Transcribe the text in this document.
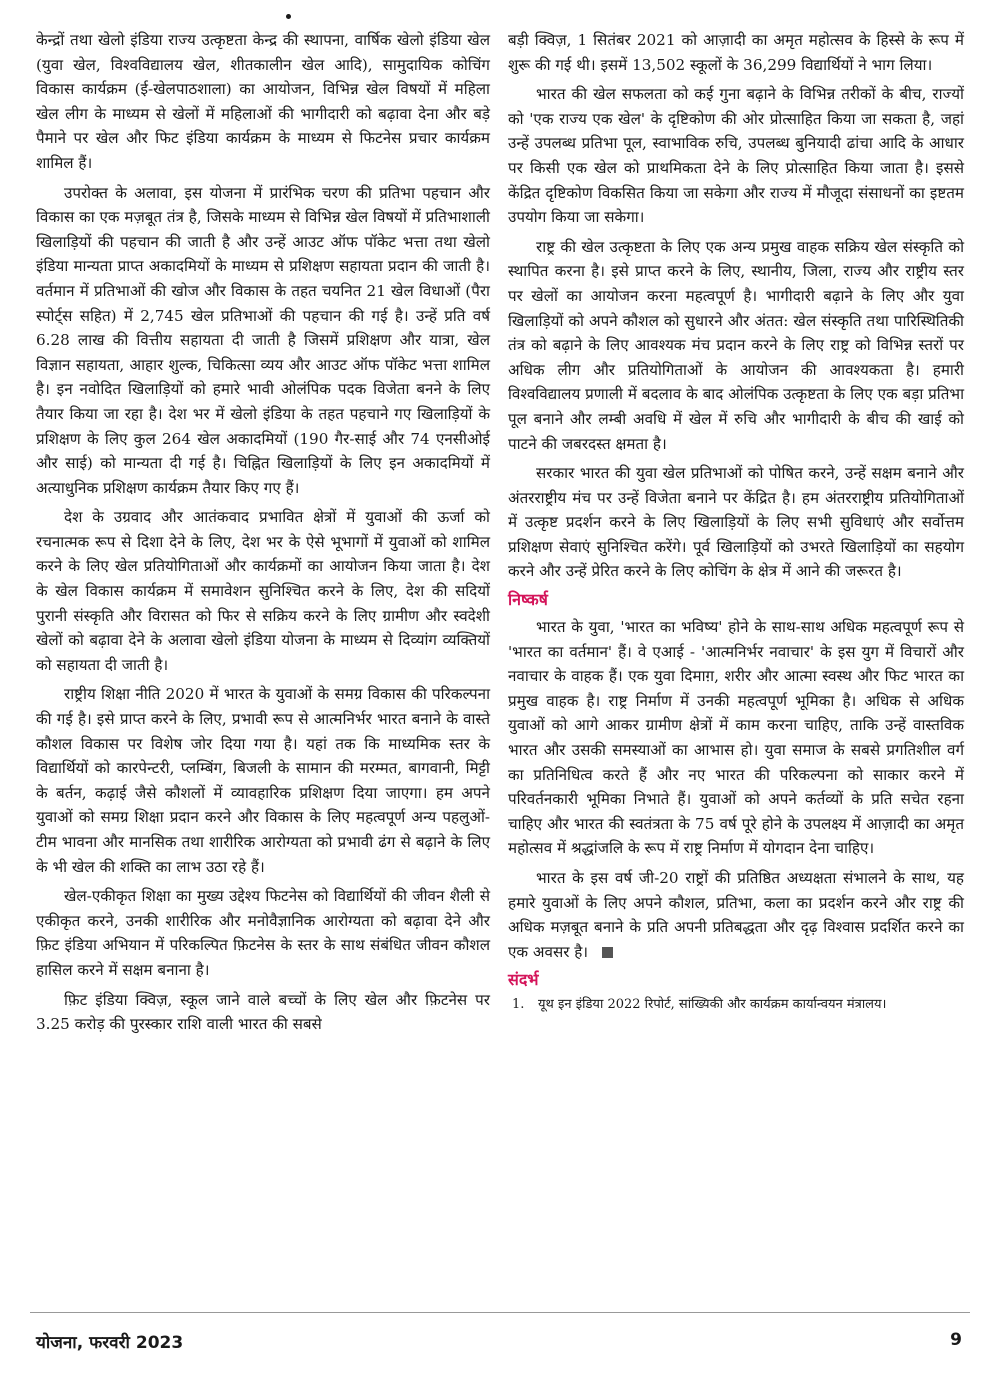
केन्द्रों तथा खेलो इंडिया राज्य उत्कृष्टता केन्द्र की स्थापना, वार्षिक खेलो इंडिया खेल (युवा खेल, विश्वविद्यालय खेल, शीतकालीन खेल आदि), सामुदायिक कोचिंग विकास कार्यक्रम (ई-खेलपाठशाला) का आयोजन, विभिन्न खेल विषयों में महिला खेल लीग के माध्यम से खेलों में महिलाओं की भागीदारी को बढ़ावा देना और बड़े पैमाने पर खेल और फिट इंडिया कार्यक्रम के माध्यम से फिटनेस प्रचार कार्यक्रम शामिल हैं।

उपरोक्त के अलावा, इस योजना में प्रारंभिक चरण की प्रतिभा पहचान और विकास का एक मज़बूत तंत्र है, जिसके माध्यम से विभिन्न खेल विषयों में प्रतिभाशाली खिलाड़ियों की पहचान की जाती है और उन्हें आउट ऑफ पॉकेट भत्ता तथा खेलो इंडिया मान्यता प्राप्त अकादमियों के माध्यम से प्रशिक्षण सहायता प्रदान की जाती है। वर्तमान में प्रतिभाओं की खोज और विकास के तहत चयनित 21 खेल विधाओं (पैरा स्पोर्ट्स सहित) में 2,745 खेल प्रतिभाओं की पहचान की गई है। उन्हें प्रति वर्ष 6.28 लाख की वित्तीय सहायता दी जाती है जिसमें प्रशिक्षण और यात्रा, खेल विज्ञान सहायता, आहार शुल्क, चिकित्सा व्यय और आउट ऑफ पॉकेट भत्ता शामिल है। इन नवोदित खिलाड़ियों को हमारे भावी ओलंपिक पदक विजेता बनने के लिए तैयार किया जा रहा है। देश भर में खेलो इंडिया के तहत पहचाने गए खिलाड़ियों के प्रशिक्षण के लिए कुल 264 खेल अकादमियों (190 गैर-साई और 74 एनसीओई और साई) को मान्यता दी गई है। चिह्नित खिलाड़ियों के लिए इन अकादमियों में अत्याधुनिक प्रशिक्षण कार्यक्रम तैयार किए गए हैं।

देश के उग्रवाद और आतंकवाद प्रभावित क्षेत्रों में युवाओं की ऊर्जा को रचनात्मक रूप से दिशा देने के लिए, देश भर के ऐसे भूभागों में युवाओं को शामिल करने के लिए खेल प्रतियोगिताओं और कार्यक्रमों का आयोजन किया जाता है। देश के खेल विकास कार्यक्रम में समावेशन सुनिश्चित करने के लिए, देश की सदियों पुरानी संस्कृति और विरासत को फिर से सक्रिय करने के लिए ग्रामीण और स्वदेशी खेलों को बढ़ावा देने के अलावा खेलो इंडिया योजना के माध्यम से दिव्यांग व्यक्तियों को सहायता दी जाती है।

राष्ट्रीय शिक्षा नीति 2020 में भारत के युवाओं के समग्र विकास की परिकल्पना की गई है। इसे प्राप्त करने के लिए, प्रभावी रूप से आत्मनिर्भर भारत बनाने के वास्ते कौशल विकास पर विशेष जोर दिया गया है। यहां तक कि माध्यमिक स्तर के विद्यार्थियों को कारपेन्टरी, प्लम्बिंग, बिजली के सामान की मरम्मत, बागवानी, मिट्टी के बर्तन, कढ़ाई जैसे कौशलों में व्यावहारिक प्रशिक्षण दिया जाएगा। हम अपने युवाओं को समग्र शिक्षा प्रदान करने और विकास के लिए महत्वपूर्ण अन्य पहलुओं- टीम भावना और मानसिक तथा शारीरिक आरोग्यता को प्रभावी ढंग से बढ़ाने के लिए के भी खेल की शक्ति का लाभ उठा रहे हैं।

खेल-एकीकृत शिक्षा का मुख्य उद्देश्य फिटनेस को विद्यार्थियों की जीवन शैली से एकीकृत करने, उनकी शारीरिक और मनोवैज्ञानिक आरोग्यता को बढ़ावा देने और फ़िट इंडिया अभियान में परिकल्पित फ़िटनेस के स्तर के साथ संबंधित जीवन कौशल हासिल करने में सक्षम बनाना है।

फ़िट इंडिया क्विज़, स्कूल जाने वाले बच्चों के लिए खेल और फ़िटनेस पर 3.25 करोड़ की पुरस्कार राशि वाली भारत की सबसे

बड़ी क्विज़, 1 सितंबर 2021 को आज़ादी का अमृत महोत्सव के हिस्से के रूप में शुरू की गई थी। इसमें 13,502 स्कूलों के 36,299 विद्यार्थियों ने भाग लिया।

भारत की खेल सफलता को कई गुना बढ़ाने के विभिन्न तरीकों के बीच, राज्यों को 'एक राज्य एक खेल' के दृष्टिकोण की ओर प्रोत्साहित किया जा सकता है, जहां उन्हें उपलब्ध प्रतिभा पूल, स्वाभाविक रुचि, उपलब्ध बुनियादी ढांचा आदि के आधार पर किसी एक खेल को प्राथमिकता देने के लिए प्रोत्साहित किया जाता है। इससे केंद्रित दृष्टिकोण विकसित किया जा सकेगा और राज्य में मौजूदा संसाधनों का इष्टतम उपयोग किया जा सकेगा।

राष्ट्र की खेल उत्कृष्टता के लिए एक अन्य प्रमुख वाहक सक्रिय खेल संस्कृति को स्थापित करना है। इसे प्राप्त करने के लिए, स्थानीय, जिला, राज्य और राष्ट्रीय स्तर पर खेलों का आयोजन करना महत्वपूर्ण है। भागीदारी बढ़ाने के लिए और युवा खिलाड़ियों को अपने कौशल को सुधारने और अंतत: खेल संस्कृति तथा पारिस्थितिकी तंत्र को बढ़ाने के लिए आवश्यक मंच प्रदान करने के लिए राष्ट्र को विभिन्न स्तरों पर अधिक लीग और प्रतियोगिताओं के आयोजन की आवश्यकता है। हमारी विश्वविद्यालय प्रणाली में बदलाव के बाद ओलंपिक उत्कृष्टता के लिए एक बड़ा प्रतिभा पूल बनाने और लम्बी अवधि में खेल में रुचि और भागीदारी के बीच की खाई को पाटने की जबरदस्त क्षमता है।

सरकार भारत की युवा खेल प्रतिभाओं को पोषित करने, उन्हें सक्षम बनाने और अंतरराष्ट्रीय मंच पर उन्हें विजेता बनाने पर केंद्रित है। हम अंतरराष्ट्रीय प्रतियोगिताओं में उत्कृष्ट प्रदर्शन करने के लिए खिलाड़ियों के लिए सभी सुविधाएं और सर्वोत्तम प्रशिक्षण सेवाएं सुनिश्चित करेंगे। पूर्व खिलाड़ियों को उभरते खिलाड़ियों का सहयोग करने और उन्हें प्रेरित करने के लिए कोचिंग के क्षेत्र में आने की जरूरत है।

निष्कर्ष

भारत के युवा, 'भारत का भविष्य' होने के साथ-साथ अधिक महत्वपूर्ण रूप से 'भारत का वर्तमान' हैं। वे एआई - 'आत्मनिर्भर नवाचार' के इस युग में विचारों और नवाचार के वाहक हैं। एक युवा दिमाग़, शरीर और आत्मा स्वस्थ और फिट भारत का प्रमुख वाहक है। राष्ट्र निर्माण में उनकी महत्वपूर्ण भूमिका है। अधिक से अधिक युवाओं को आगे आकर ग्रामीण क्षेत्रों में काम करना चाहिए, ताकि उन्हें वास्तविक भारत और उसकी समस्याओं का आभास हो। युवा समाज के सबसे प्रगतिशील वर्ग का प्रतिनिधित्व करते हैं और नए भारत की परिकल्पना को साकार करने में परिवर्तनकारी भूमिका निभाते हैं। युवाओं को अपने कर्तव्यों के प्रति सचेत रहना चाहिए और भारत की स्वतंत्रता के 75 वर्ष पूरे होने के उपलक्ष्य में आज़ादी का अमृत महोत्सव में श्रद्धांजलि के रूप में राष्ट्र निर्माण में योगदान देना चाहिए।

भारत के इस वर्ष जी-20 राष्ट्रों की प्रतिष्ठित अध्यक्षता संभालने के साथ, यह हमारे युवाओं के लिए अपने कौशल, प्रतिभा, कला का प्रदर्शन करने और राष्ट्र की अधिक मज़बूत बनाने के प्रति अपनी प्रतिबद्धता और दृढ़ विश्वास प्रदर्शित करने का एक अवसर है।

संदर्भ
1. यूथ इन इंडिया 2022 रिपोर्ट, सांख्यिकी और कार्यक्रम कार्यान्वयन मंत्रालय।
योजना, फरवरी 2023	9
